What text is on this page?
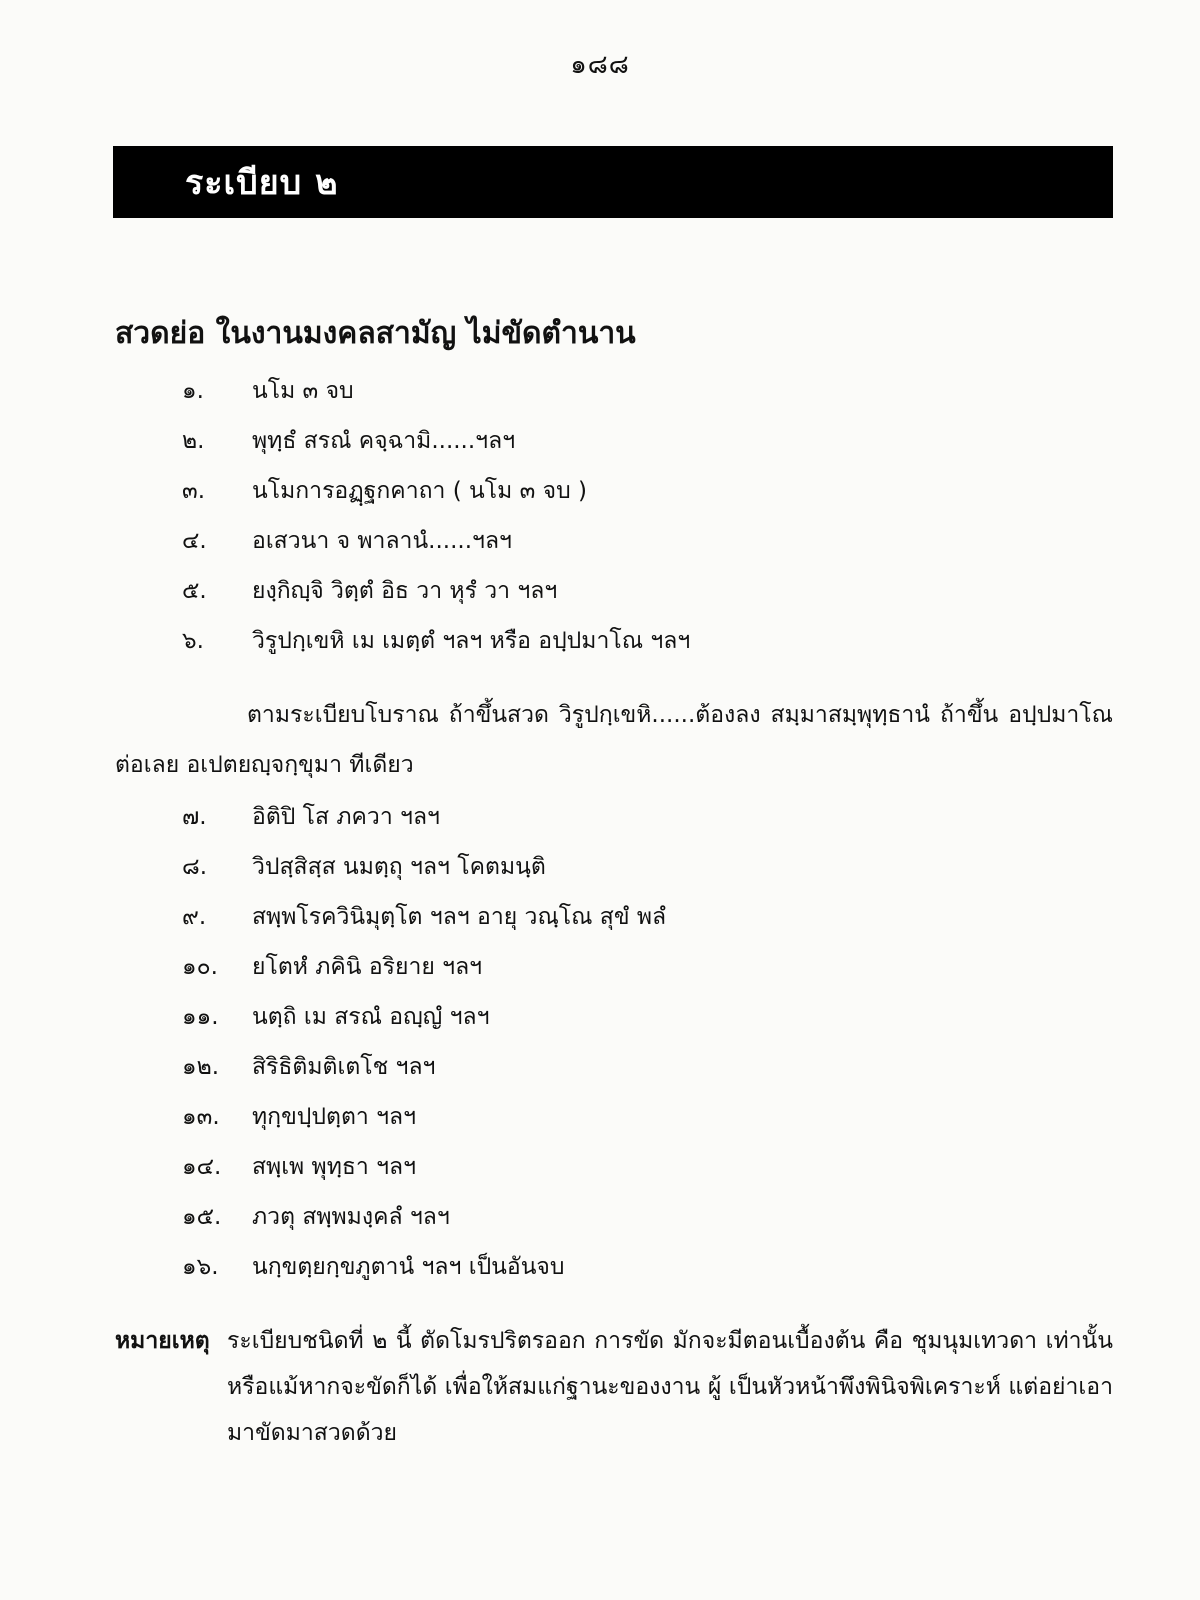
๑๘๘
ระเบียบ ๒
สวดย่อ ในงานมงคลสามัญ ไม่ขัดตำนาน
๑.	นโม ๓ จบ
๒.	พุทฺธํ สรณํ คจฺฉามิ......ฯลฯ
๓.	นโมการอฏฺฐกคาถา ( นโม ๓ จบ )
๔.	อเสวนา จ พาลานํ......ฯลฯ
๕.	ยงฺกิญฺจิ วิตฺตํ อิธ วา หุรํ วา ฯลฯ
๖.	วิรูปกฺเขหิ เม เมตฺตํ ฯลฯ หรือ อปฺปมาโณ ฯลฯ
ตามระเบียบโบราณ ถ้าขึ้นสวด วิรูปกฺเขหิ......ต้องลง สมฺมาสมฺพุทฺธานํ ถ้าขึ้น อปฺปมาโณ ต่อเลย อเปตยญฺจกฺขุมา ทีเดียว
๗.	อิติปิ โส ภควา ฯลฯ
๘.	วิปสฺสิสฺส นมตฺถุ ฯลฯ โคตมนฺติ
๙.	สพฺพโรควินิมุตฺโต ฯลฯ อายุ วณฺโณ สุขํ พลํ
๑๐.	ยโตหํ ภคินิ อริยาย ฯลฯ
๑๑.	นตฺถิ เม สรณํ อญฺญํ ฯลฯ
๑๒.	สิริธิติมติเตโช ฯลฯ
๑๓.	ทุกฺขปฺปตฺตา ฯลฯ
๑๔.	สพฺเพ พุทฺธา ฯลฯ
๑๕.	ภวตุ สพฺพมงฺคลํ ฯลฯ
๑๖.	นกฺขตฺยกฺขภูตานํ ฯลฯ เป็นอันจบ
หมายเหตุ ระเบียบชนิดที่ ๒ นี้ ตัดโมรปริตรออก การขัด มักจะมีตอนเบื้องต้น คือ ชุมนุมเทวดา เท่านั้น หรือแม้หากจะขัดก็ได้ เพื่อให้สมแก่ฐานะของงาน ผู้ เป็นหัวหน้าพึงพินิจพิเคราะห์ แต่อย่าเอามาขัดมาสวดด้วย
